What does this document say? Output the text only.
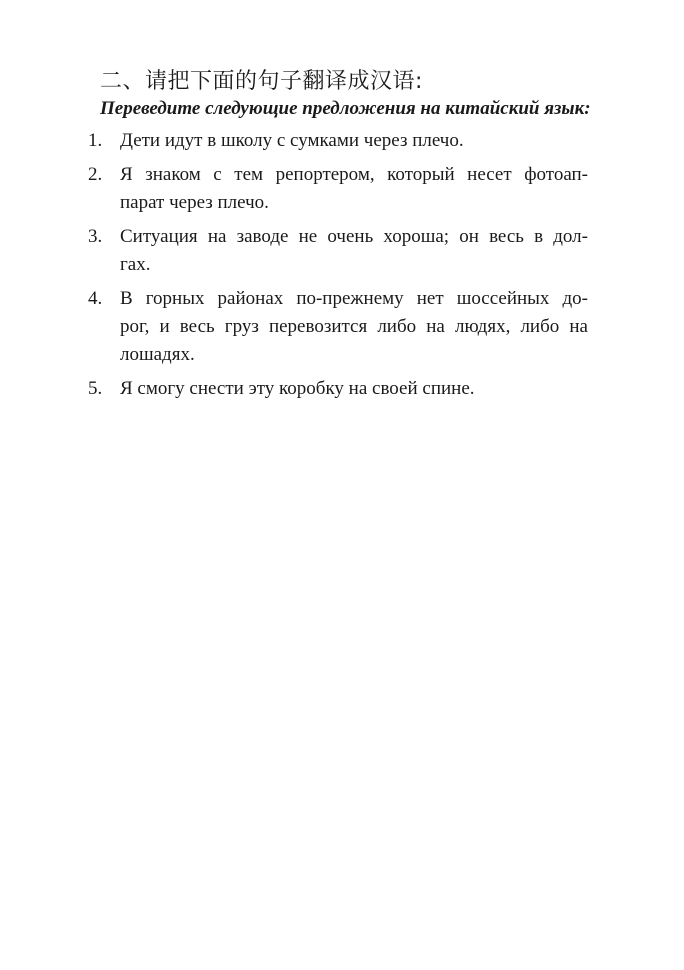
二、请把下面的句子翻译成汉语:
Переведите следующие предложения на китайский язык:
1. Дети идут в школу с сумками через плечо.
2. Я знаком с тем репортером, который несет фотоап-
парат через плечо.
3. Ситуация на заводе не очень хороша; он весь в дол-
гах.
4. В горных районах по-прежнему нет шоссейных до-
рог, и весь груз перевозится либо на людях, либо на
лошадях.
5. Я смогу снести эту коробку на своей спине.
